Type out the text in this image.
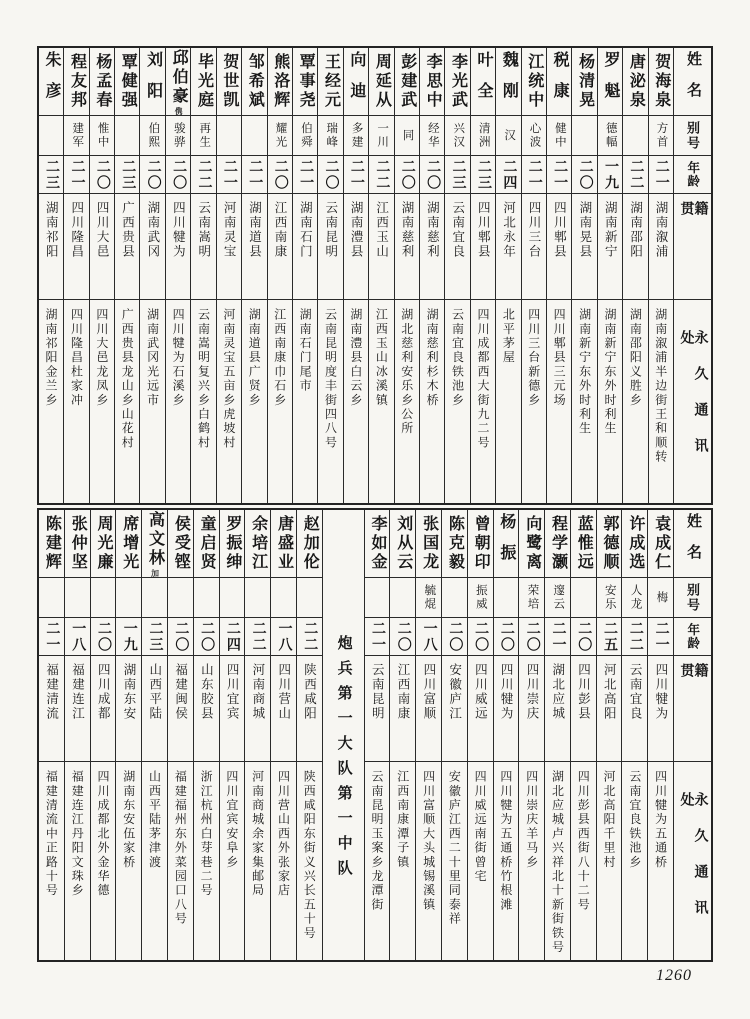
姓名
别号
年龄
籍贯
永久通讯处
贺海泉
方首
二一
湖南溆浦
湖南溆浦半边街王和顺转
唐泌泉
二二
湖南邵阳
湖南邵阳义胜乡
罗魁
德幅
一九
湖南新宁
湖南新宁东外时利生
杨清晃
二〇
湖南晃县
湖南新宁东外时利生
税康
健中
二一
四川郫县
四川郫县三元场
江统中
心波
二一
四川三台
四川三台新德乡
魏刚
汉
二四
河北永年
北平茅屋
叶全
清洲
二三
四川郫县
四川成都西大街九二号
李光武
兴汉
二三
云南宜良
云南宜良铁池乡
李思中
经华
二〇
湖南慈利
湖南慈利杉木桥
彭建武
同
二〇
湖南慈利
湖北慈利安乐乡公所
周延从
一川
二二
江西玉山
江西玉山冰溪镇
向迪
多建
二一
湖南澧县
湖南澧县白云乡
王经元
瑞峰
二〇
云南昆明
云南昆明度丰街四八号
覃事尧
伯舜
二一
湖南石门
湖南石门尾市
熊洛辉
耀光
二〇
江西南康
江西南康巾石乡
邹希斌
二一
湖南道县
湖南道县广贤乡
贺世凯
二一
河南灵宝
河南灵宝五亩乡虎坡村
毕光庭
再生
二二
云南嵩明
云南嵩明复兴乡白鹤村
邱伯豪㑺
骏骅
二〇
四川犍为
四川犍为石溪乡
刘阳
伯熙
二〇
湖南武冈
湖南武冈光远市
覃健强
二三
广西贵县
广西贵县龙山乡山花村
杨孟春
惟中
二〇
四川大邑
四川大邑龙凤乡
程友邦
建军
二一
四川隆昌
四川隆昌杜家冲
朱彦
二三
湖南祁阳
湖南祁阳金兰乡
姓名
别号
年龄
籍贯
永久通讯处
袁成仁
梅
二一
四川犍为
四川犍为五通桥
许成选
人龙
二二
云南宜良
云南宜良铁池乡
郭德顺
安乐
二五
河北高阳
河北高阳千里村
蓝惟远
二〇
四川彭县
四川彭县西街八十二号
程学灏
邃云
二一
湖北应城
湖北应城卢兴祥北十新街铁号
向鹭离
荣培
二〇
四川崇庆
四川崇庆羊马乡
杨振
二〇
四川犍为
四川犍为五通桥竹根滩
曾朝印
振威
二〇
四川威远
四川威远南街曾宅
陈克毅
二〇
安徽庐江
安徽庐江西二十里同泰祥
张国龙
毓焜
一八
四川富顺
四川富顺大头城锡溪镇
刘从云
二〇
江西南康
江西南康潭子镇
李如金
二一
云南昆明
云南昆明玉案乡龙潭街
炮兵第一大队第一中队
赵加伦
二二
陕西咸阳
陕西咸阳东街义兴长五十号
唐盛业
一八
四川营山
四川营山西外张家店
余培江
二二
河南商城
河南商城余家集邮局
罗振绅
二四
四川宜宾
四川宜宾安阜乡
童启贤
二〇
山东胶县
浙江杭州白芽巷二号
侯受铿
二〇
福建闽侯
福建福州东外菜园口八号
高文林加
二三
山西平陆
山西平陆茅津渡
席增光
一九
湖南东安
湖南东安伍家桥
周光廉
二〇
四川成都
四川成都北外金华德
张仲坚
一八
福建连江
福建连江丹阳文珠乡
陈建辉
二一
福建清流
福建清流中正路十号
1260
